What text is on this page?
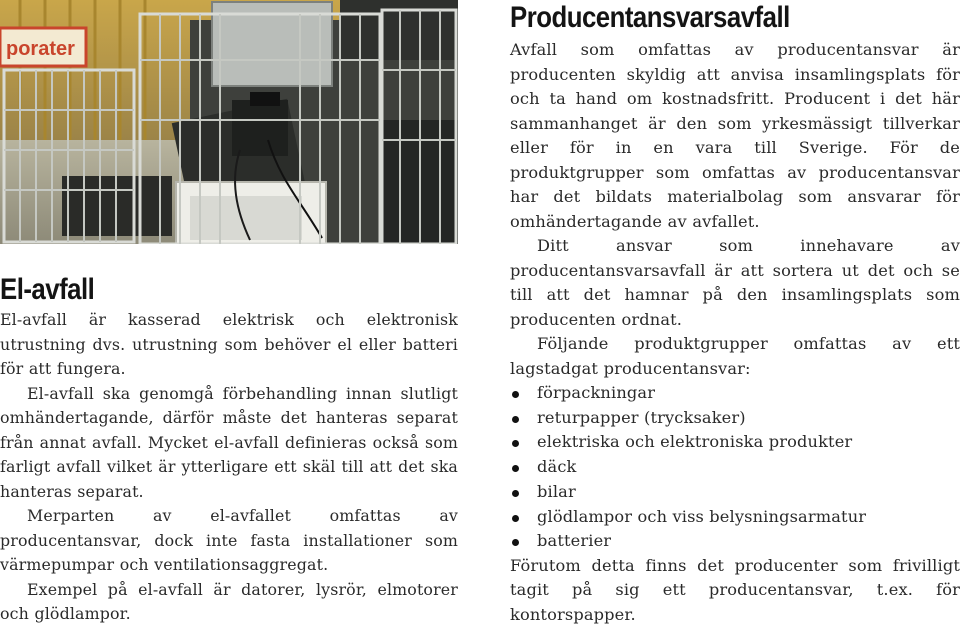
porater
El-avfall

El-avfall är kasserad elektrisk och elektronisk utrustning dvs. utrustning som behöver el eller batteri för att fungera.

El-avfall ska genomgå förbehandling innan slutligt omhändertagande, därför måste det hanteras separat från annat avfall. Mycket el-avfall definieras också som farligt avfall vilket är ytterligare ett skäl till att det ska hanteras separat.

Merparten av el-avfallet omfattas av producentansvar, dock inte fasta installationer som värmepumpar och ventilationsaggregat.

Exempel på el-avfall är datorer, lysrör, elmotorer och glödlampor.

Producentansvarsavfall

Avfall som omfattas av producentansvar är producenten skyldig att anvisa insamlingsplats för och ta hand om kostnadsfritt. Producent i det här sammanhanget är den som yrkesmässigt tillverkar eller för in en vara till Sverige. För de produktgrupper som omfattas av producentansvar har det bildats materialbolag som ansvarar för omhändertagande av avfallet.

Ditt ansvar som innehavare av producentansvarsavfall är att sortera ut det och se till att det hamnar på den insamlingsplats som producenten ordnat.

Följande produktgrupper omfattas av ett lagstadgat producentansvar:

förpackningar
returpapper (trycksaker)
elektriska och elektroniska produkter
däck
bilar
glödlampor och viss belysningsarmatur
batterier

Förutom detta finns det producenter som frivilligt tagit på sig ett producentansvar, t.ex. för kontorspapper.
